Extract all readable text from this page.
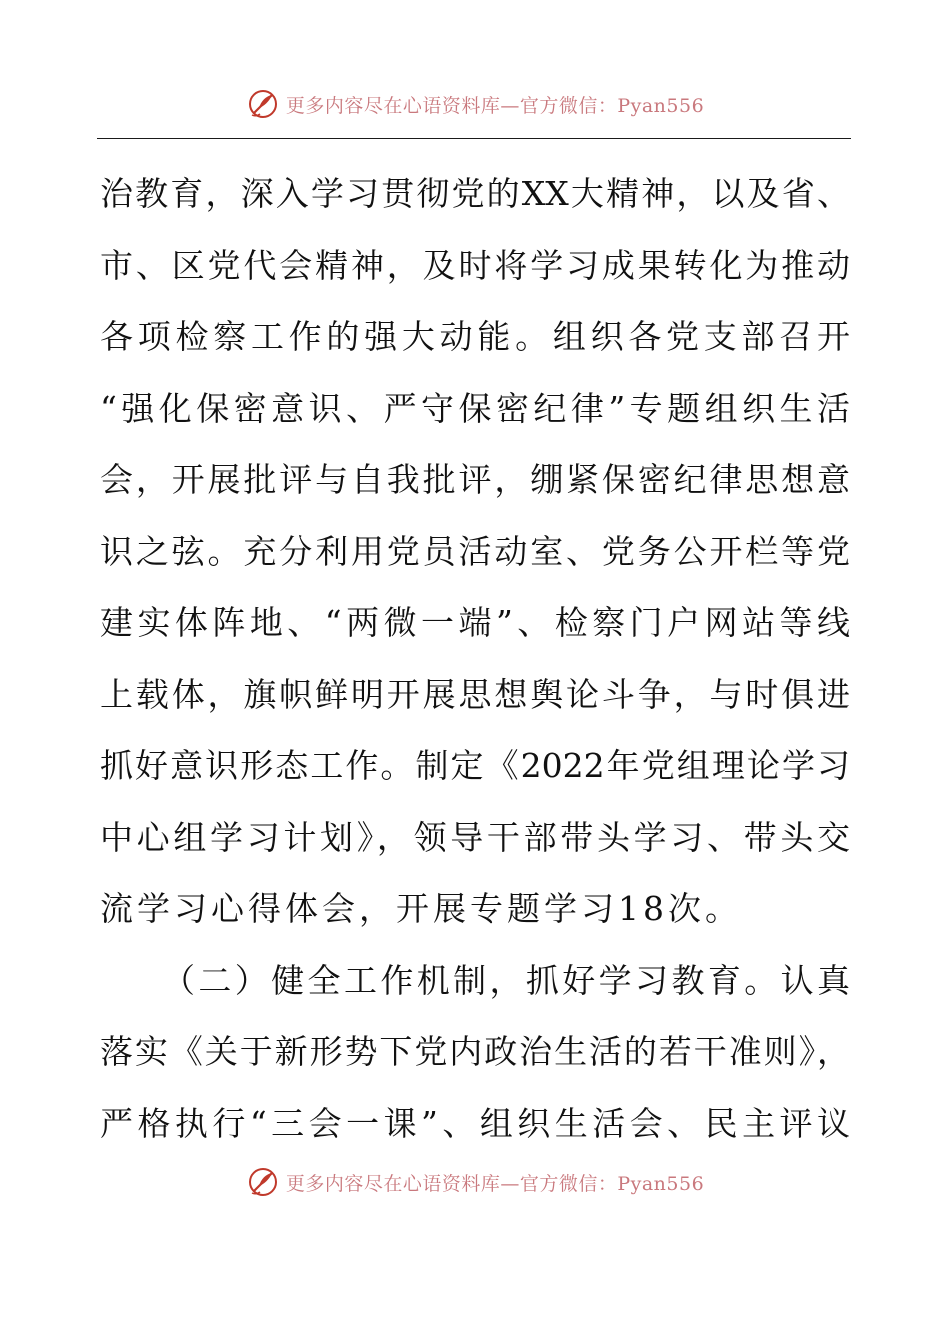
更多内容尽在心语资料库—官方微信：Pyan556
治教育，深入学习贯彻党的XX大精神，以及省、
市、区党代会精神，及时将学习成果转化为推动
各项检察工作的强大动能。组织各党支部召开
“强化保密意识、严守保密纪律”专题组织生活
会，开展批评与自我批评，绷紧保密纪律思想意
识之弦。充分利用党员活动室、党务公开栏等党
建实体阵地、“两微一端”、检察门户网站等线
上载体，旗帜鲜明开展思想舆论斗争，与时俱进
抓好意识形态工作。制定《2022年党组理论学习
中心组学习计划》，领导干部带头学习、带头交
流学习心得体会，开展专题学习18次。
（二）健全工作机制，抓好学习教育。认真
落实《关于新形势下党内政治生活的若干准则》，
严格执行“三会一课”、组织生活会、民主评议
更多内容尽在心语资料库—官方微信：Pyan556
